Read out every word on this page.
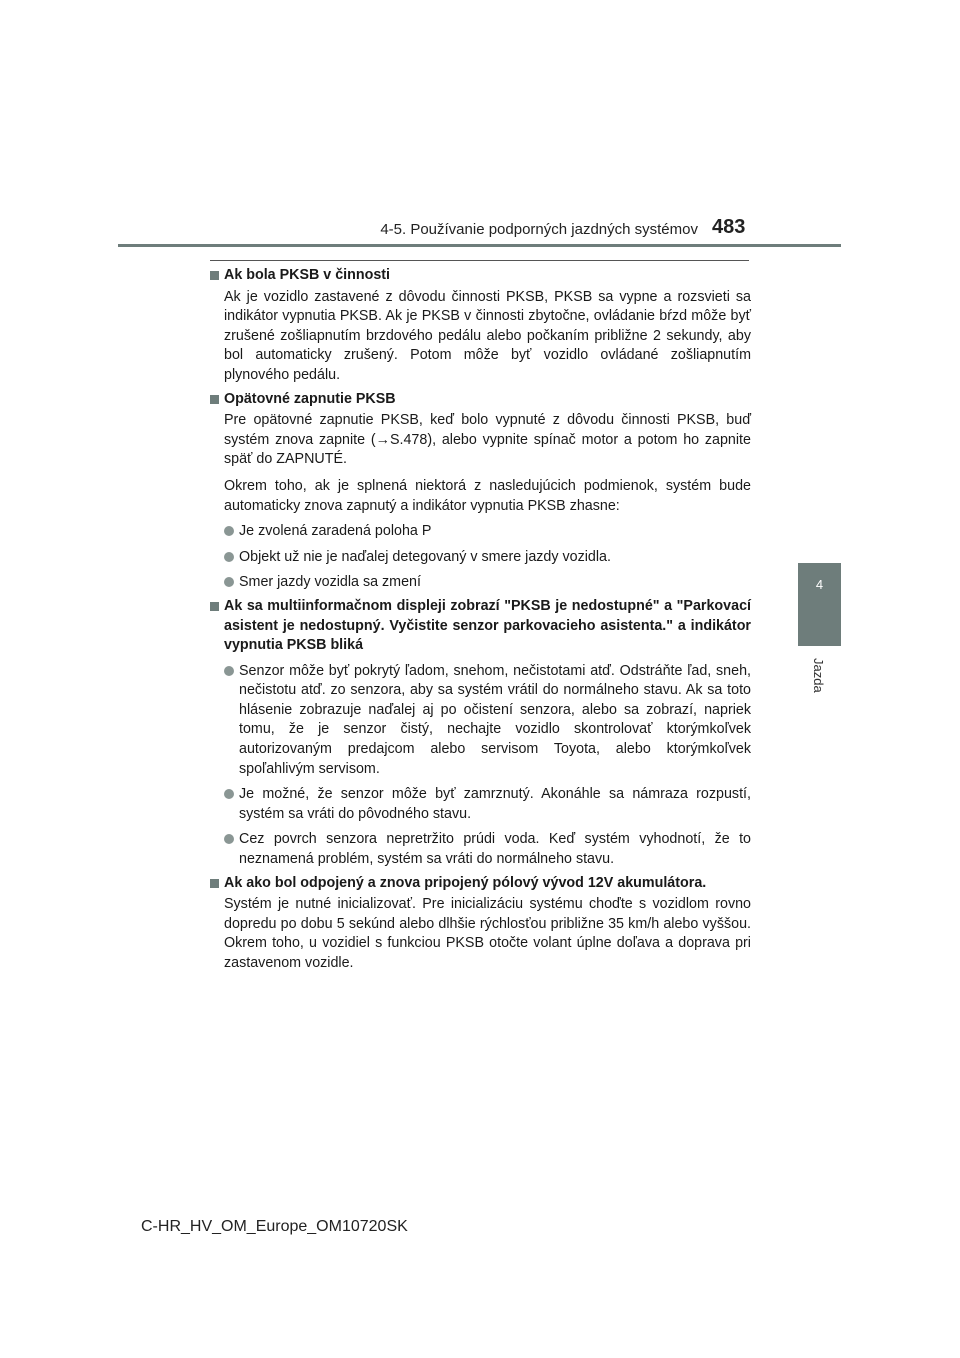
4-5. Používanie podporných jazdných systémov 483
4
Jazda
Ak bola PKSB v činnosti
Ak je vozidlo zastavené z dôvodu činnosti PKSB, PKSB sa vypne a rozsvieti sa indikátor vypnutia PKSB. Ak je PKSB v činnosti zbytočne, ovládanie bŕzd môže byť zrušené zošliapnutím brzdového pedálu alebo počkaním približne 2 sekundy, aby bol automaticky zrušený. Potom môže byť vozidlo ovládané zošliapnutím plynového pedálu.
Opätovné zapnutie PKSB
Pre opätovné zapnutie PKSB, keď bolo vypnuté z dôvodu činnosti PKSB, buď systém znova zapnite (→S.478), alebo vypnite spínač motor a potom ho zapnite späť do ZAPNUTÉ.
Okrem toho, ak je splnená niektorá z nasledujúcich podmienok, systém bude automaticky znova zapnutý a indikátor vypnutia PKSB zhasne:
Je zvolená zaradená poloha P
Objekt už nie je naďalej detegovaný v smere jazdy vozidla.
Smer jazdy vozidla sa zmení
Ak sa multiinformačnom displeji zobrazí "PKSB je nedostupné" a "Parkovací asistent je nedostupný. Vyčistite senzor parkovacieho asistenta." a indikátor vypnutia PKSB bliká
Senzor môže byť pokrytý ľadom, snehom, nečistotami atď. Odstráňte ľad, sneh, nečistotu atď. zo senzora, aby sa systém vrátil do normálneho stavu. Ak sa toto hlásenie zobrazuje naďalej aj po očistení senzora, alebo sa zobrazí, napriek tomu, že je senzor čistý, nechajte vozidlo skontrolovať ktorýmkoľvek autorizovaným predajcom alebo servisom Toyota, alebo ktorýmkoľvek spoľahlivým servisom.
Je možné, že senzor môže byť zamrznutý. Akonáhle sa námraza rozpustí, systém sa vráti do pôvodného stavu.
Cez povrch senzora nepretržito prúdi voda. Keď systém vyhodnotí, že to neznamená problém, systém sa vráti do normálneho stavu.
Ak ako bol odpojený a znova pripojený pólový vývod 12V akumulátora.
Systém je nutné inicializovať. Pre inicializáciu systému choďte s vozidlom rovno dopredu po dobu 5 sekúnd alebo dlhšie rýchlosťou približne 35 km/h alebo vyššou. Okrem toho, u vozidiel s funkciou PKSB otočte volant úplne doľava a doprava pri zastavenom vozidle.
C-HR_HV_OM_Europe_OM10720SK
